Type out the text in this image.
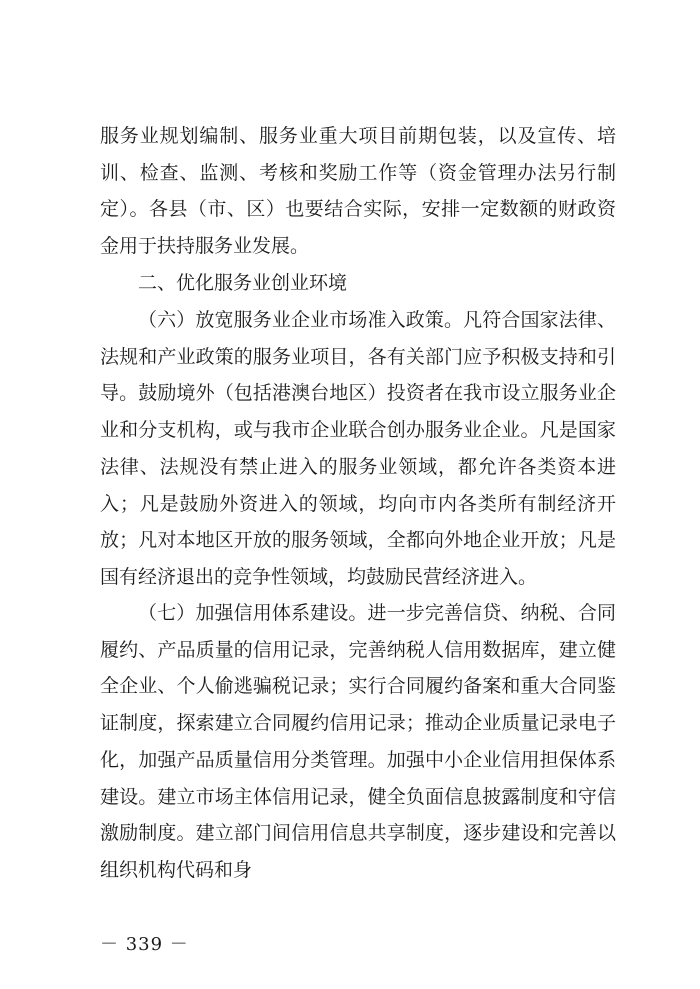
服务业规划编制、服务业重大项目前期包装，以及宣传、培训、检查、监测、考核和奖励工作等（资金管理办法另行制定）。各县（市、区）也要结合实际，安排一定数额的财政资金用于扶持服务业发展。

二、优化服务业创业环境

（六）放宽服务业企业市场准入政策。凡符合国家法律、法规和产业政策的服务业项目，各有关部门应予积极支持和引导。鼓励境外（包括港澳台地区）投资者在我市设立服务业企业和分支机构，或与我市企业联合创办服务业企业。凡是国家法律、法规没有禁止进入的服务业领域，都允许各类资本进入；凡是鼓励外资进入的领域，均向市内各类所有制经济开放；凡对本地区开放的服务领域，全都向外地企业开放；凡是国有经济退出的竞争性领域，均鼓励民营经济进入。

（七）加强信用体系建设。进一步完善信贷、纳税、合同履约、产品质量的信用记录，完善纳税人信用数据库，建立健全企业、个人偷逃骗税记录；实行合同履约备案和重大合同鉴证制度，探索建立合同履约信用记录；推动企业质量记录电子化，加强产品质量信用分类管理。加强中小企业信用担保体系建设。建立市场主体信用记录，健全负面信息披露制度和守信激励制度。建立部门间信用信息共享制度，逐步建设和完善以组织机构代码和身

－ 339 －
